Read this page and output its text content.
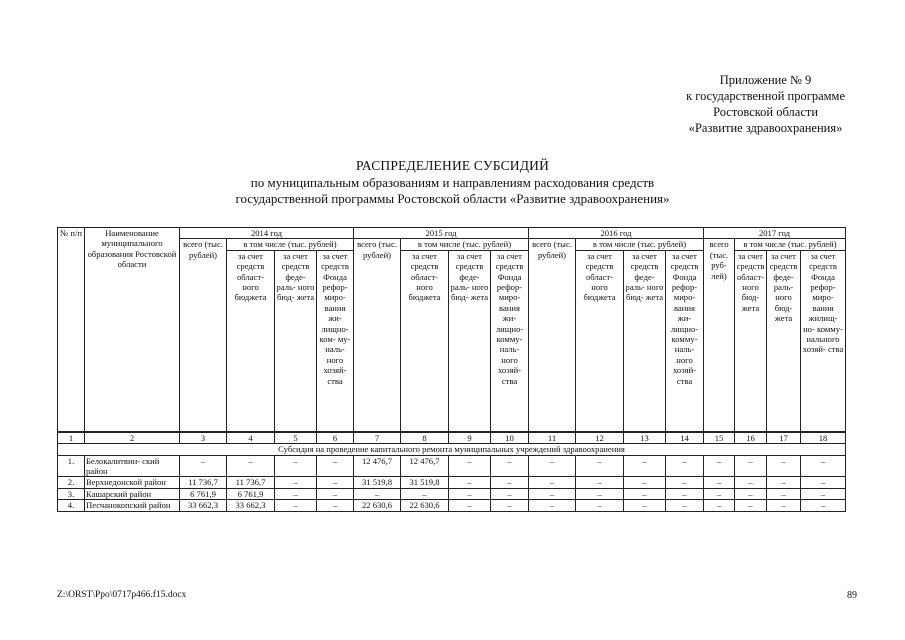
Приложение № 9
к государственной программе
Ростовской области
«Развитие здравоохранения»
РАСПРЕДЕЛЕНИЕ СУБСИДИЙ
по муниципальным образованиям и направлениям расходования средств
государственной программы Ростовской области «Развитие здравоохранения»
№ п/п	Наименование муниципального образования Ростовской области	2014 год				2015 год				2016 год				2017 год			
		всего (тыс. рублей)	в том числе (тыс. рублей)			всего (тыс. рублей)	в том числе (тыс. рублей)			всего (тыс. рублей)	в том числе (тыс. рублей)			всего (тыс. руб- лей)	в том числе (тыс. рублей)		
			за счет средств област- ного бюджета	за счет средств феде- раль- ного бюд- жета	за счет средств Фонда рефор- миро- вания жи- лищно- ком- му- наль- ного хозяй- ства		за счет средств област- ного бюджета	за счет средств феде- раль- ного бюд- жета	за счет средств Фонда рефор- миро- вания жи- лищно- комму- наль- ного хозяй- ства		за счет средств област- ного бюджета	за счет средств феде- раль- ного бюд- жета	за счет средств Фонда рефор- миро- вания жи- лищно- комму- наль- ного хозяй- ства		за счет средств област- ного бюд- жета	за счет средств феде- раль- ного бюд- жета	за счет средств Фонда рефор- миро- вания жилищ- но- комму- нального хозяй- ства
1	2	3	4	5	6	7	8	9	10	11	12	13	14	15	16	17	18
Субсидия на проведение капитального ремонта муниципальных учреждений здравоохранения																	
1.	Белокалитвин- ский район	–	–	–	–	12 476,7	12 476,7	–	–	–	–	–	–	–	–	–	–
2.	Верхнедонской район	11 736,7	11 736,7	–	–	31 519,8	31 519,8	–	–	–	–	–	–	–	–	–	–
3.	Кашарский район	6 761,9	6 761,9	–	–	–	–	–	–	–	–	–	–	–	–	–	–
4.	Песчанокопский район	33 662,3	33 662,3	–	–	22 630,6	22 630,6	–	–	–	–	–	–	–	–	–	–
Z:\ORST\Ppo\0717p466.f15.docx	89
